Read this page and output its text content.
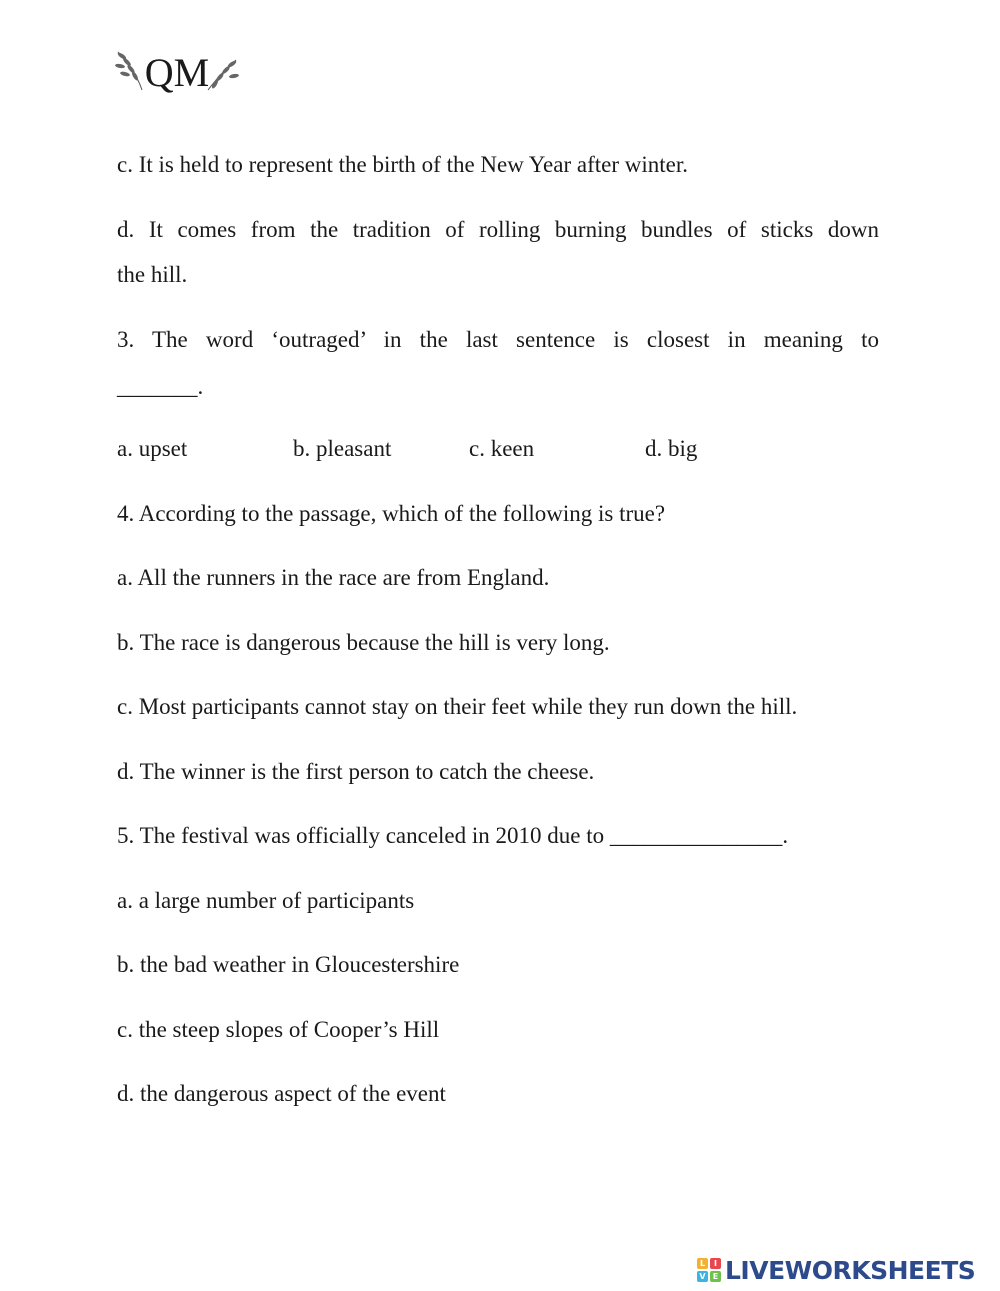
QM
c. It is held to represent the birth of the New Year after winter.
d. It comes from the tradition of rolling burning bundles of sticks down
the hill.
3. The word ‘outraged’ in the last sentence is closest in meaning to
_______.
a. upset	b. pleasant	c. keen	d. big
4. According to the passage, which of the following is true?
a. All the runners in the race are from England.
b. The race is dangerous because the hill is very long.
c. Most participants cannot stay on their feet while they run down the hill.
d. The winner is the first person to catch the cheese.
5. The festival was officially canceled in 2010 due to _______________.
a. a large number of participants
b. the bad weather in Gloucestershire
c. the steep slopes of Cooper’s Hill
d. the dangerous aspect of the event
L	I
V E LIVEWORKSHEETS
